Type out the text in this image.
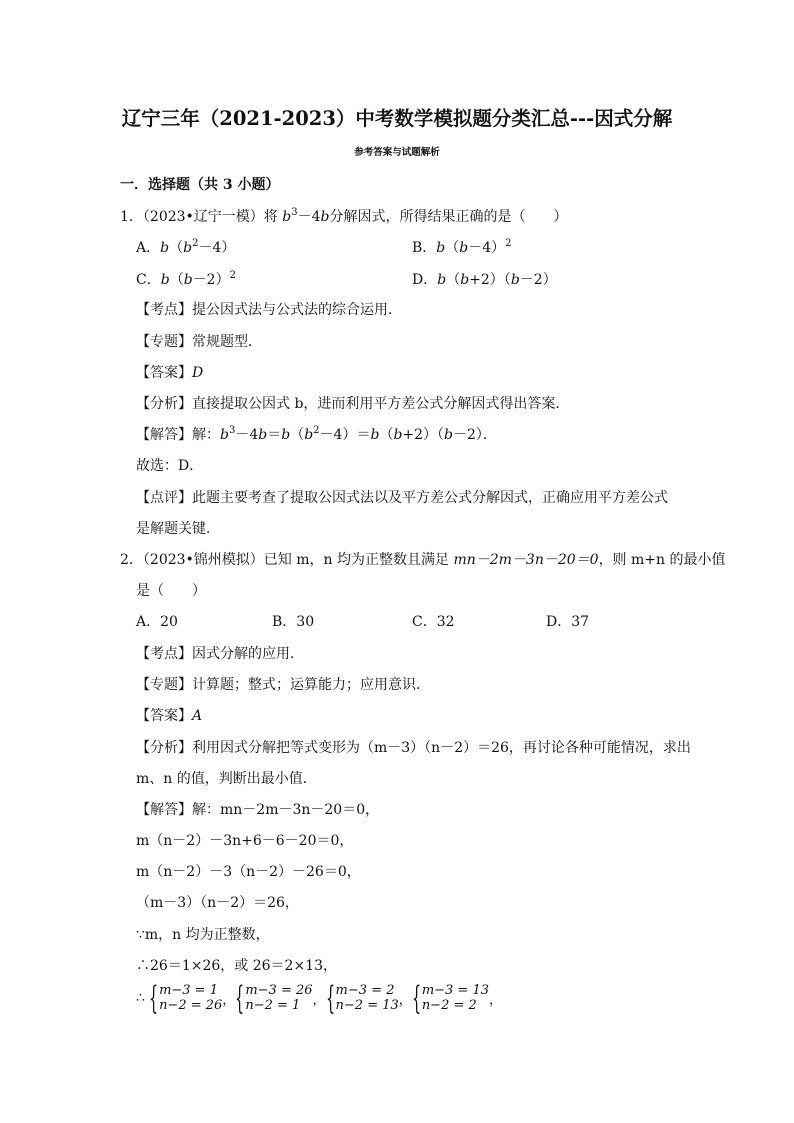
辽宁三年（2021-2023）中考数学模拟题分类汇总---因式分解
参考答案与试题解析
一．选择题（共 3 小题）
1．（2023•辽宁一模）将 $b^3-4b$分解因式，所得结果正确的是（　　）
A．$b(b^2-4)$	B．$b(b-4)^2$
C．$b(b-2)^2$	D．b（b+2）（b－2）
【考点】提公因式法与公式法的综合运用．
【专题】常规题型．
【答案】D
【分析】直接提取公因式 b，进而利用平方差公式分解因式得出答案．
【解答】解：$b^3-4b=b(b^2-4)=b(b+2)(b-2)$．
故选：D．
【点评】此题主要考查了提取公因式法以及平方差公式分解因式，正确应用平方差公式
是解题关键．
2．（2023•锦州模拟）已知 m，n 均为正整数且满足 mn－2m－3n－20＝0，则 m+n 的最小值
是（　　）
A．20	B．30	C．32	D．37
【考点】因式分解的应用．
【专题】计算题；整式；运算能力；应用意识．
【答案】A
【分析】利用因式分解把等式变形为（m－3）（n－2）＝26，再讨论各种可能情况，求出
m、n 的值，判断出最小值．
【解答】解：mn－2m－3n－20＝0，
m（n－2）－3n+6－6－20＝0，
m（n－2）－3（n－2）－26＝0，
（m－3）（n－2）＝26，
∵m，n 均为正整数，
∴26＝1×26，或 26＝2×13，
∴ { m−3 = 1
n−2 = 26 ，{ m−3 = 26
n−2 = 1 ，{ m−3 = 2
n−2 = 13 ，{ m−3 = 13
n−2 = 2 ，
